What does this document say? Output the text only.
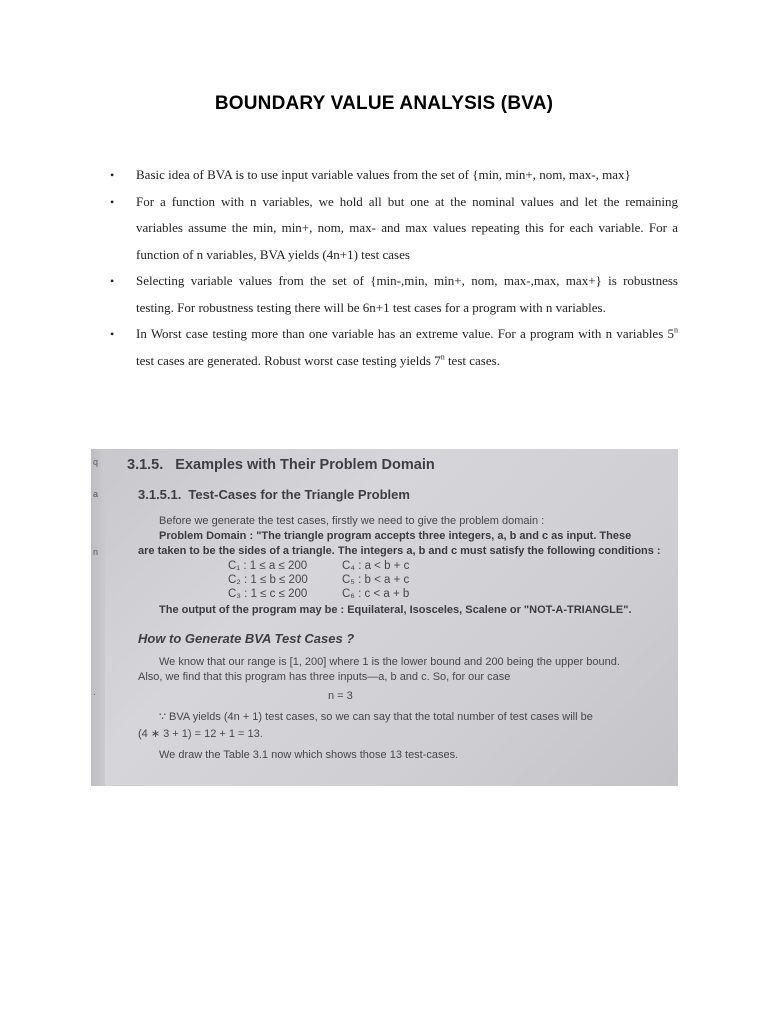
BOUNDARY VALUE ANALYSIS (BVA)
• Basic idea of BVA is to use input variable values from the set of {min, min+, nom, max-, max}
• For a function with n variables, we hold all but one at the nominal values and let the remaining variables assume the min, min+, nom, max- and max values repeating this for each variable. For a function of n variables, BVA yields (4n+1) test cases
• Selecting variable values from the set of {min-,min, min+, nom, max-,max, max+} is robustness testing. For robustness testing there will be 6n+1 test cases for a program with n variables.
• In Worst case testing more than one variable has an extreme value. For a program with n variables 5$^n$ test cases are generated. Robust worst case testing yields 7$^n$ test cases.
q
a
n
·
3.1.5. Examples with Their Problem Domain
3.1.5.1. Test-Cases for the Triangle Problem
Before we generate the test cases, firstly we need to give the problem domain :
Problem Domain : "The triangle program accepts three integers, a, b and c as input. These
are taken to be the sides of a triangle. The integers a, b and c must satisfy the following conditions :
C₁ : 1 ≤ a ≤ 200
C₂ : 1 ≤ b ≤ 200
C₃ : 1 ≤ c ≤ 200
C₄ : a < b + c
C₅ : b < a + c
C₆ : c < a + b
The output of the program may be : Equilateral, Isosceles, Scalene or "NOT-A-TRIANGLE".
How to Generate BVA Test Cases ?
We know that our range is [1, 200] where 1 is the lower bound and 200 being the upper bound.
Also, we find that this program has three inputs—a, b and c. So, for our case
n = 3
∵ BVA yields (4n + 1) test cases, so we can say that the total number of test cases will be
(4 ∗ 3 + 1) = 12 + 1 = 13.
We draw the Table 3.1 now which shows those 13 test-cases.
